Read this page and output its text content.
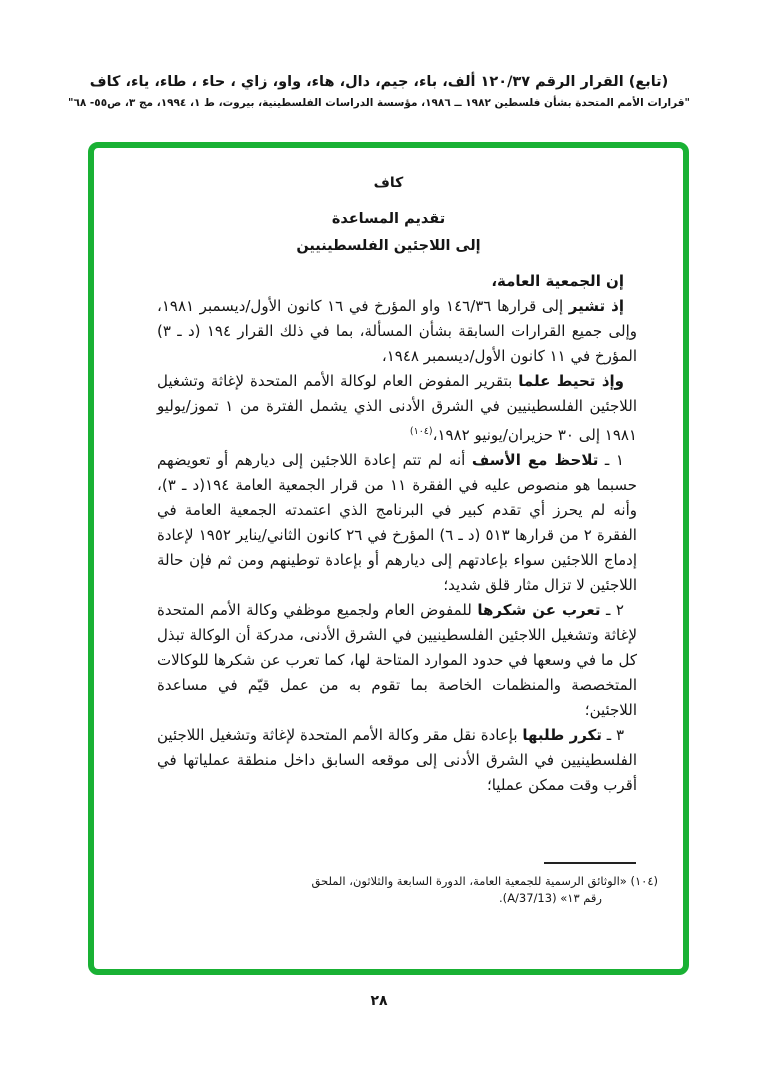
(تابع) القرار الرقم ١٢٠/٣٧ ألف، باء، جيم، دال، هاء، واو، زاي ، حاء ، طاء، ياء، كاف
"قرارات الأمم المتحدة بشأن فلسطين ١٩٨٢ ــ ١٩٨٦، مؤسسة الدراسات الفلسطينية، بيروت، ط ١، ١٩٩٤، مج ٣، ص٥٥- ٦٨"
كاف
تقديم المساعدة
إلى اللاجئين الفلسطينيين

إن الجمعية العامة،

إذ تشير إلى قرارها ١٤٦/٣٦ واو المؤرخ في ١٦ كانون الأول/ديسمبر ١٩٨١، وإلى جميع القرارات السابقة بشأن المسألة، بما في ذلك القرار ١٩٤ (د ـ ٣) المؤرخ في ١١ كانون الأول/ديسمبر ١٩٤٨،

وإذ تحيط علما بتقرير المفوض العام لوكالة الأمم المتحدة لإغاثة وتشغيل اللاجئين الفلسطينيين في الشرق الأدنى الذي يشمل الفترة من ١ تموز/يوليو ١٩٨١ إلى ٣٠ حزيران/يونيو ١٩٨٢،$^{(١٠٤)}$

١ ـ تلاحظ مع الأسف أنه لم تتم إعادة اللاجئين إلى ديارهم أو تعويضهم حسبما هو منصوص عليه في الفقرة ١١ من قرار الجمعية العامة ١٩٤(د ـ ٣)، وأنه لم يحرز أي تقدم كبير في البرنامج الذي اعتمدته الجمعية العامة في الفقرة ٢ من قرارها ٥١٣ (د ـ ٦) المؤرخ في ٢٦ كانون الثاني/يناير ١٩٥٢ لإعادة إدماج اللاجئين سواء بإعادتهم إلى ديارهم أو بإعادة توطينهم ومن ثم فإن حالة اللاجئين لا تزال مثار قلق شديد؛

٢ ـ تعرب عن شكرها للمفوض العام ولجميع موظفي وكالة الأمم المتحدة لإغاثة وتشغيل اللاجئين الفلسطينيين في الشرق الأدنى، مدركة أن الوكالة تبذل كل ما في وسعها في حدود الموارد المتاحة لها، كما تعرب عن شكرها للوكالات المتخصصة والمنظمات الخاصة بما تقوم به من عمل قيّم في مساعدة اللاجئين؛

٣ ـ تكرر طلبها بإعادة نقل مقر وكالة الأمم المتحدة لإغاثة وتشغيل اللاجئين الفلسطينيين في الشرق الأدنى إلى موقعه السابق داخل منطقة عملياتها في أقرب وقت ممكن عمليا؛

(١٠٤) «الوثائق الرسمية للجمعية العامة، الدورة السابعة والثلاثون، الملحق
رقم ١٣» (A/37/13).
٢٨
